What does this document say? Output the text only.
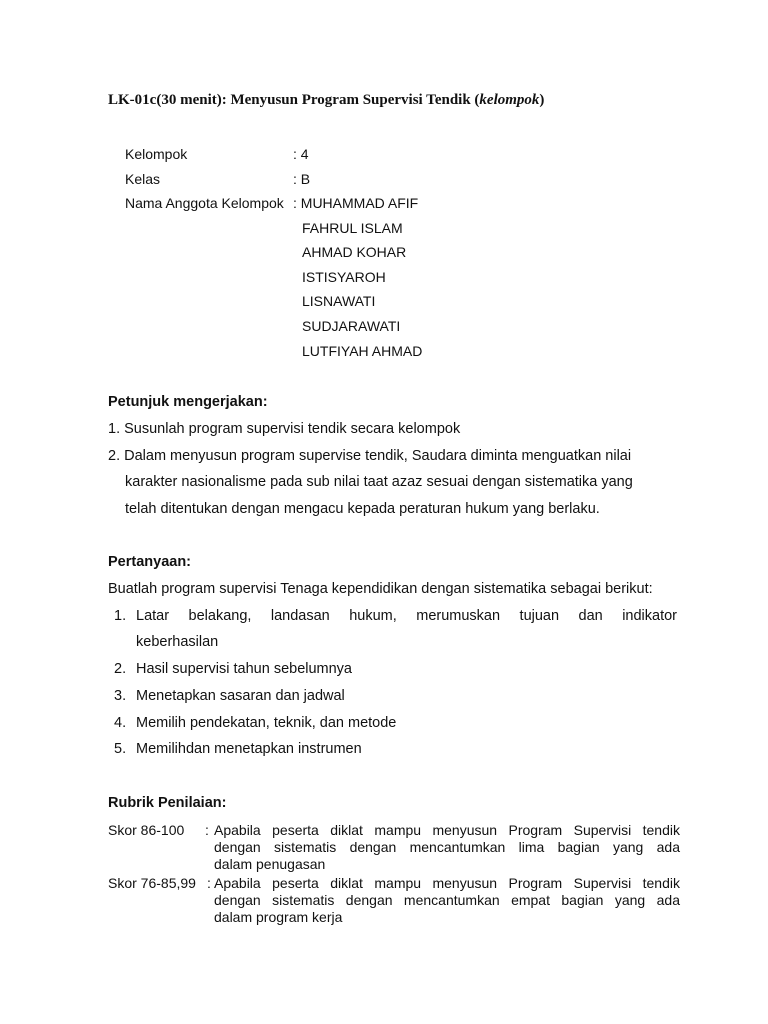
LK-01c(30 menit): Menyusun Program Supervisi Tendik (kelompok)
Kelompok	: 4
Kelas	: B
Nama Anggota Kelompok : MUHAMMAD AFIF
FAHRUL ISLAM
AHMAD KOHAR
ISTISYAROH
LISNAWATI
SUDJARAWATI
LUTFIYAH AHMAD
Petunjuk mengerjakan:
1. Susunlah program supervisi tendik secara kelompok
2. Dalam menyusun program supervise tendik, Saudara diminta menguatkan nilai
karakter nasionalisme pada sub nilai taat azaz sesuai dengan sistematika yang
telah ditentukan dengan mengacu kepada peraturan hukum yang berlaku.
Pertanyaan:
Buatlah program supervisi Tenaga kependidikan dengan sistematika sebagai berikut:
1. Latar belakang, landasan hukum, merumuskan tujuan dan indikator
keberhasilan
2. Hasil supervisi tahun sebelumnya
3. Menetapkan sasaran dan jadwal
4. Memilih pendekatan, teknik, dan metode
5. Memilihdan menetapkan instrumen
Rubrik Penilaian:
Skor 86-100 : Apabila peserta diklat mampu menyusun Program Supervisi tendik
dengan sistematis dengan mencantumkan lima bagian yang ada
dalam penugasan
Skor 76-85,99 : Apabila peserta diklat mampu menyusun Program Supervisi tendik
dengan sistematis dengan mencantumkan empat bagian yang ada
dalam program kerja
